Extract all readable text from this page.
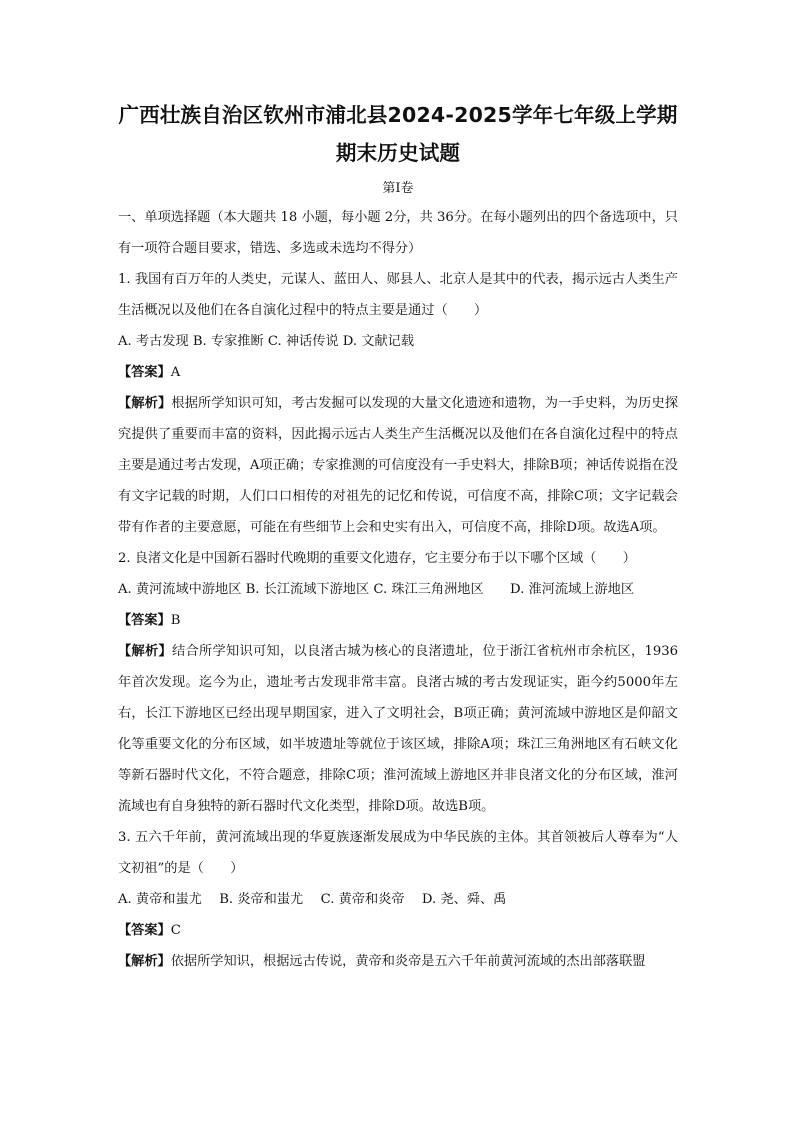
广西壮族自治区钦州市浦北县2024-2025学年七年级上学期
期末历史试题

第Ⅰ卷

一、单项选择题（本大题共 18 小题，每小题 2分，共 36分。在每小题列出的四个备选项中，只有一项符合题目要求，错选、多选或未选均不得分）

1. 我国有百万年的人类史，元谋人、蓝田人、郧县人、北京人是其中的代表，揭示远古人类生产生活概况以及他们在各自演化过程中的特点主要是通过（　　）

A. 考古发现 B. 专家推断 C. 神话传说 D. 文献记载

【答案】A

【解析】根据所学知识可知，考古发掘可以发现的大量文化遗迹和遗物，为一手史料，为历史探究提供了重要而丰富的资料，因此揭示远古人类生产生活概况以及他们在各自演化过程中的特点主要是通过考古发现，A项正确；专家推测的可信度没有一手史料大，排除B项；神话传说指在没有文字记载的时期，人们口口相传的对祖先的记忆和传说，可信度不高，排除C项；文字记载会带有作者的主要意愿，可能在有些细节上会和史实有出入，可信度不高，排除D项。故选A项。

2. 良渚文化是中国新石器时代晚期的重要文化遗存，它主要分布于以下哪个区域（　　）

A. 黄河流域中游地区 B. 长江流域下游地区 C. 珠江三角洲地区　　D. 淮河流域上游地区

【答案】B

【解析】结合所学知识可知，以良渚古城为核心的良渚遗址，位于浙江省杭州市余杭区，1936年首次发现。迄今为止，遗址考古发现非常丰富。良渚古城的考古发现证实，距今约5000年左右，长江下游地区已经出现早期国家，进入了文明社会，B项正确；黄河流域中游地区是仰韶文化等重要文化的分布区域，如半坡遗址等就位于该区域，排除A项；珠江三角洲地区有石峡文化等新石器时代文化，不符合题意，排除C项；淮河流域上游地区并非良渚文化的分布区域，淮河流域也有自身独特的新石器时代文化类型，排除D项。故选B项。

3. 五六千年前，黄河流域出现的华夏族逐渐发展成为中华民族的主体。其首领被后人尊奉为“人文初祖”的是（　　）

A. 黄帝和蚩尤　 B. 炎帝和蚩尤　 C. 黄帝和炎帝　 D. 尧、舜、禹

【答案】C

【解析】依据所学知识，根据远古传说，黄帝和炎帝是五六千年前黄河流域的杰出部落联盟
